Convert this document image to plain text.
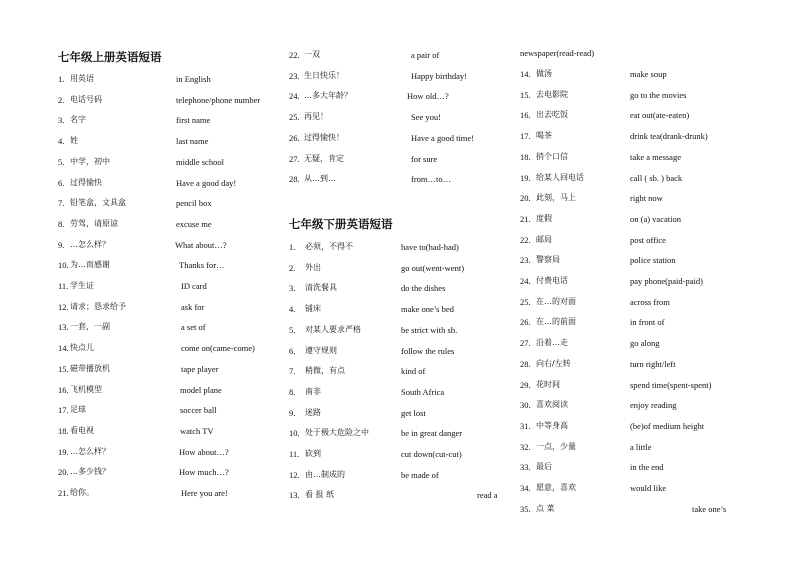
七年级上册英语短语
1. 用英语	in English
2. 电话号码	telephone/phone number
3. 名字	first name
4. 姓	last name
5. 中学，初中	middle school
6. 过得愉快	Have a good day!
7. 铅笔盒，文具盒	pencil box
8. 劳驾，请原谅	excuse me
9. …怎么样？	What about…?
10. 为…而感谢	Thanks for…
11. 学生证	ID card
12. 请求；恳求给予	ask for
13. 一套，一副	a set of
14. 快点儿	come on(came-come)
15. 磁带播放机	tape player
16. 飞机模型	model plane
17. 足球	soccer ball
18. 看电视	watch TV
19. …怎么样？	How about…?
20. …多少钱？	How much…?
21. 给你。	Here you are!
七年级下册英语短语
22. 一双	a pair of
23. 生日快乐！	Happy birthday!
24. …多大年龄？	How old…?
25. 再见！	See you!
26. 过得愉快！	Have a good time!
27. 无疑，肯定	for sure
28. 从…到…	from…to…
1. 必须，不得不	have to(had-had)
2. 外出	go out(went-went)
3. 清洗餐具	do the dishes
4. 铺床	make one’s bed
5. 对某人要求严格	be strict with sb.
6. 遵守规则	follow the rules
7. 稍微，有点	kind of
8. 南非	South Africa
9. 迷路	get lost
10. 处于极大危险之中	be in great danger
11. 砍到	cut down(cut-cut)
12. 由…制成的	be made of
13. 看 报 纸	read a
newspaper(read-read)
14. 做汤	make soup
15. 去电影院	go to the movies
16. 出去吃饭	eat out(ate-eaten)
17. 喝茶	drink tea(drank-drunk)
18. 捎个口信	take a message
19. 给某人回电话	call ( sb. ) back
20. 此刻，马上	right now
21. 度假	on (a) vacation
22. 邮局	post office
23. 警察局	police station
24. 付费电话	pay phone(paid-paid)
25. 在…的对面	across from
26. 在…的前面	in front of
27. 沿着…走	go along
28. 向右/左转	turn right/left
29. 花时间	spend time(spent-spent)
30. 喜欢阅读	enjoy reading
31. 中等身高	(be)of medium height
32. 一点，少量	a little
33. 最后	in the end
34. 愿意，喜欢	would like
35. 点 菜	take one’s
